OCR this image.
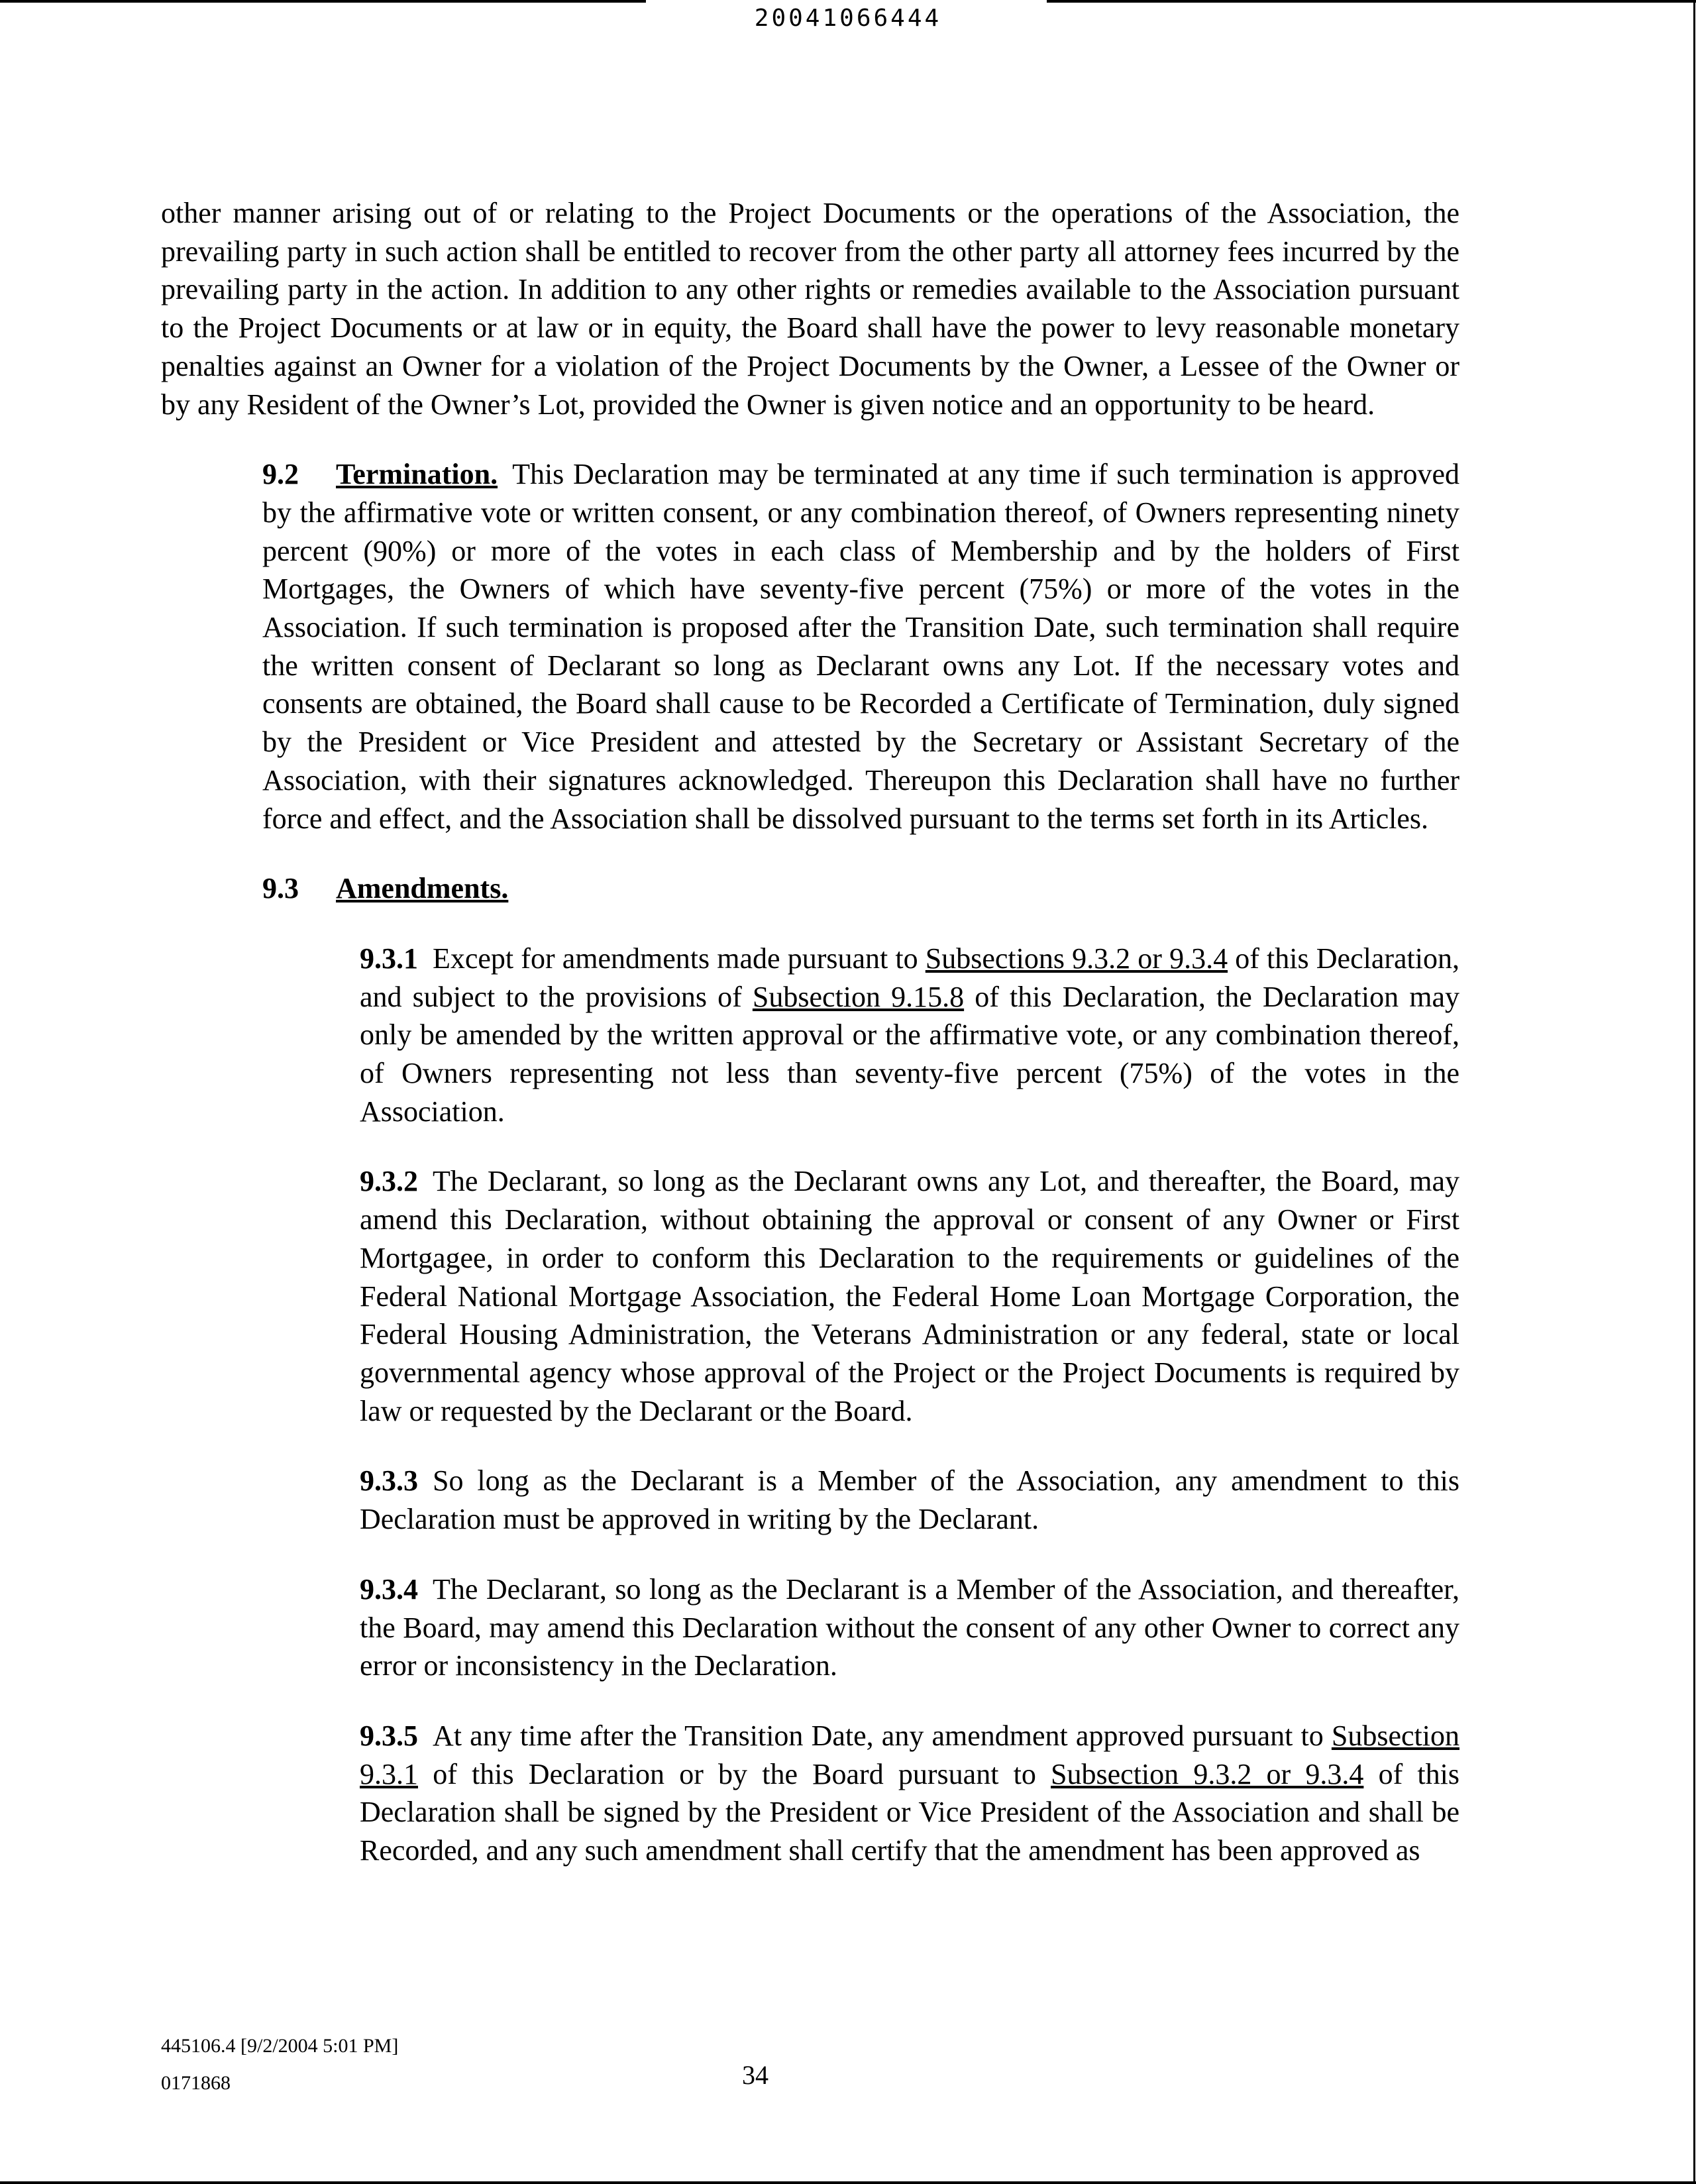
20041066444

other manner arising out of or relating to the Project Documents or the operations of the Association, the prevailing party in such action shall be entitled to recover from the other party all attorney fees incurred by the prevailing party in the action. In addition to any other rights or remedies available to the Association pursuant to the Project Documents or at law or in equity, the Board shall have the power to levy reasonable monetary penalties against an Owner for a violation of the Project Documents by the Owner, a Lessee of the Owner or by any Resident of the Owner’s Lot, provided the Owner is given notice and an opportunity to be heard.

9.2 Termination. This Declaration may be terminated at any time if such termination is approved by the affirmative vote or written consent, or any combination thereof, of Owners representing ninety percent (90%) or more of the votes in each class of Membership and by the holders of First Mortgages, the Owners of which have seventy-five percent (75%) or more of the votes in the Association. If such termination is proposed after the Transition Date, such termination shall require the written consent of Declarant so long as Declarant owns any Lot. If the necessary votes and consents are obtained, the Board shall cause to be Recorded a Certificate of Termination, duly signed by the President or Vice President and attested by the Secretary or Assistant Secretary of the Association, with their signatures acknowledged. Thereupon this Declaration shall have no further force and effect, and the Association shall be dissolved pursuant to the terms set forth in its Articles.

9.3 Amendments.

9.3.1 Except for amendments made pursuant to Subsections 9.3.2 or 9.3.4 of this Declaration, and subject to the provisions of Subsection 9.15.8 of this Declaration, the Declaration may only be amended by the written approval or the affirmative vote, or any combination thereof, of Owners representing not less than seventy-five percent (75%) of the votes in the Association.

9.3.2 The Declarant, so long as the Declarant owns any Lot, and thereafter, the Board, may amend this Declaration, without obtaining the approval or consent of any Owner or First Mortgagee, in order to conform this Declaration to the requirements or guidelines of the Federal National Mortgage Association, the Federal Home Loan Mortgage Corporation, the Federal Housing Administration, the Veterans Administration or any federal, state or local governmental agency whose approval of the Project or the Project Documents is required by law or requested by the Declarant or the Board.

9.3.3 So long as the Declarant is a Member of the Association, any amendment to this Declaration must be approved in writing by the Declarant.

9.3.4 The Declarant, so long as the Declarant is a Member of the Association, and thereafter, the Board, may amend this Declaration without the consent of any other Owner to correct any error or inconsistency in the Declaration.

9.3.5 At any time after the Transition Date, any amendment approved pursuant to Subsection 9.3.1 of this Declaration or by the Board pursuant to Subsection 9.3.2 or 9.3.4 of this Declaration shall be signed by the President or Vice President of the Association and shall be Recorded, and any such amendment shall certify that the amendment has been approved as

445106.4 [9/2/2004 5:01 PM]
0171868	34
